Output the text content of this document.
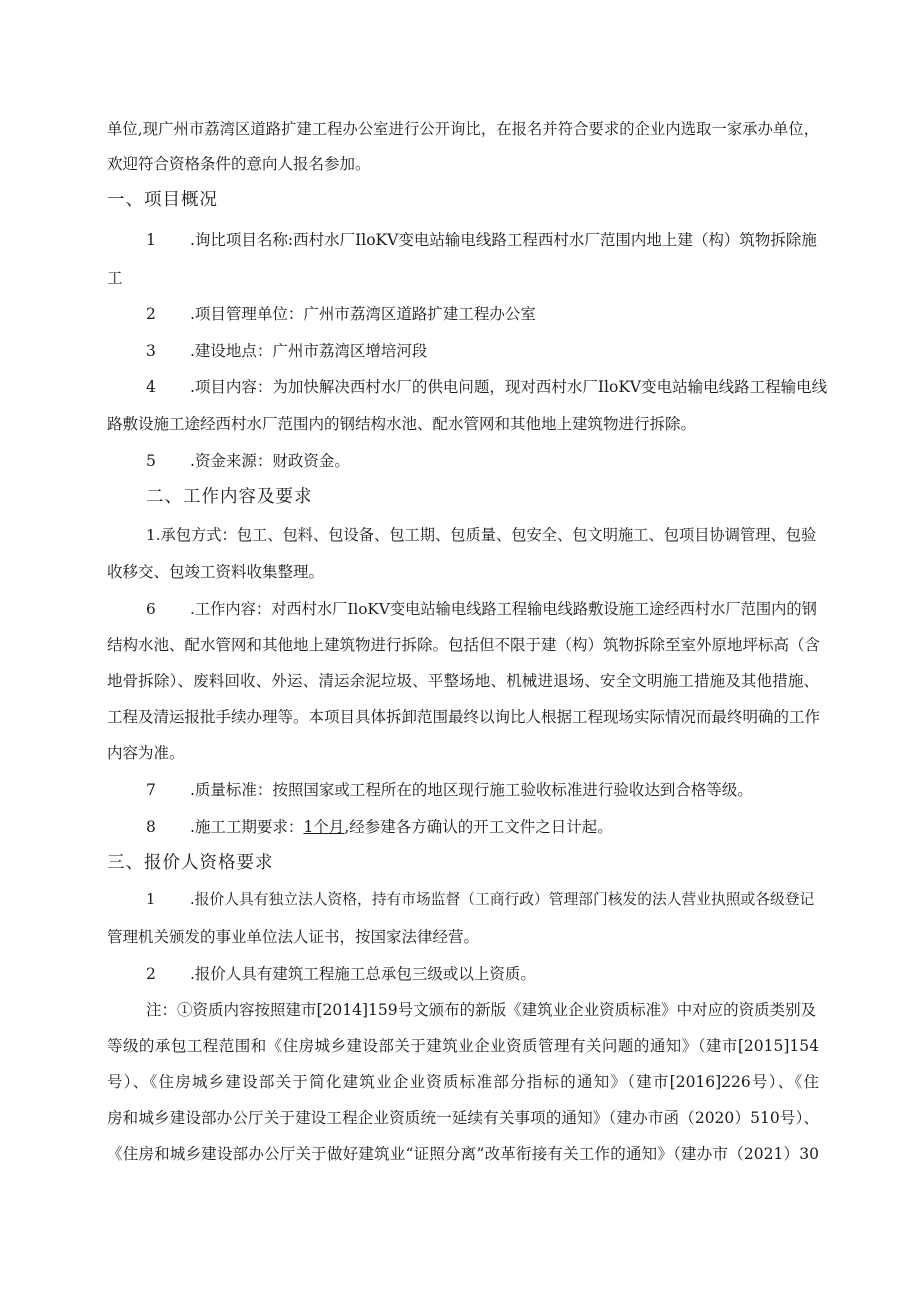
单位,现广州市荔湾区道路扩建工程办公室进行公开询比，在报名并符合要求的企业内选取一家承办单位，
欢迎符合资格条件的意向人报名参加。
一、项目概况
1 .询比项目名称:西村水厂IloKV变电站输电线路工程西村水厂范围内地上建（构）筑物拆除施
工
2 .项目管理单位：广州市荔湾区道路扩建工程办公室
3 .建设地点：广州市荔湾区增培河段
4 .项目内容：为加快解决西村水厂的供电问题，现对西村水厂IloKV变电站输电线路工程输电线
路敷设施工途经西村水厂范围内的钢结构水池、配水管网和其他地上建筑物进行拆除。
5 .资金来源：财政资金。
二、工作内容及要求
1.承包方式：包工、包料、包设备、包工期、包质量、包安全、包文明施工、包项目协调管理、包验
收移交、包竣工资料收集整理。
6 .工作内容：对西村水厂IloKV变电站输电线路工程输电线路敷设施工途经西村水厂范围内的钢
结构水池、配水管网和其他地上建筑物进行拆除。包括但不限于建（构）筑物拆除至室外原地坪标高（含
地骨拆除）、废料回收、外运、清运余泥垃圾、平整场地、机械进退场、安全文明施工措施及其他措施、
工程及清运报批手续办理等。本项目具体拆卸范围最终以询比人根据工程现场实际情况而最终明确的工作
内容为准。
7 .质量标准：按照国家或工程所在的地区现行施工验收标准进行验收达到合格等级。
8 .施工工期要求：1个月,经参建各方确认的开工文件之日计起。
三、报价人资格要求
1 .报价人具有独立法人资格，持有市场监督（工商行政）管理部门核发的法人营业执照或各级登记
管理机关颁发的事业单位法人证书，按国家法律经营。
2 .报价人具有建筑工程施工总承包三级或以上资质。
注：①资质内容按照建市[2014]159号文颁布的新版《建筑业企业资质标准》中对应的资质类别及
等级的承包工程范围和《住房城乡建设部关于建筑业企业资质管理有关问题的通知》（建市[2015]154
号）、《住房城乡建设部关于简化建筑业企业资质标准部分指标的通知》（建市[2016]226号）、《住
房和城乡建设部办公厅关于建设工程企业资质统一延续有关事项的通知》（建办市函（2020）510号）、
《住房和城乡建设部办公厅关于做好建筑业“证照分离”改革衔接有关工作的通知》（建办市（2021）30
